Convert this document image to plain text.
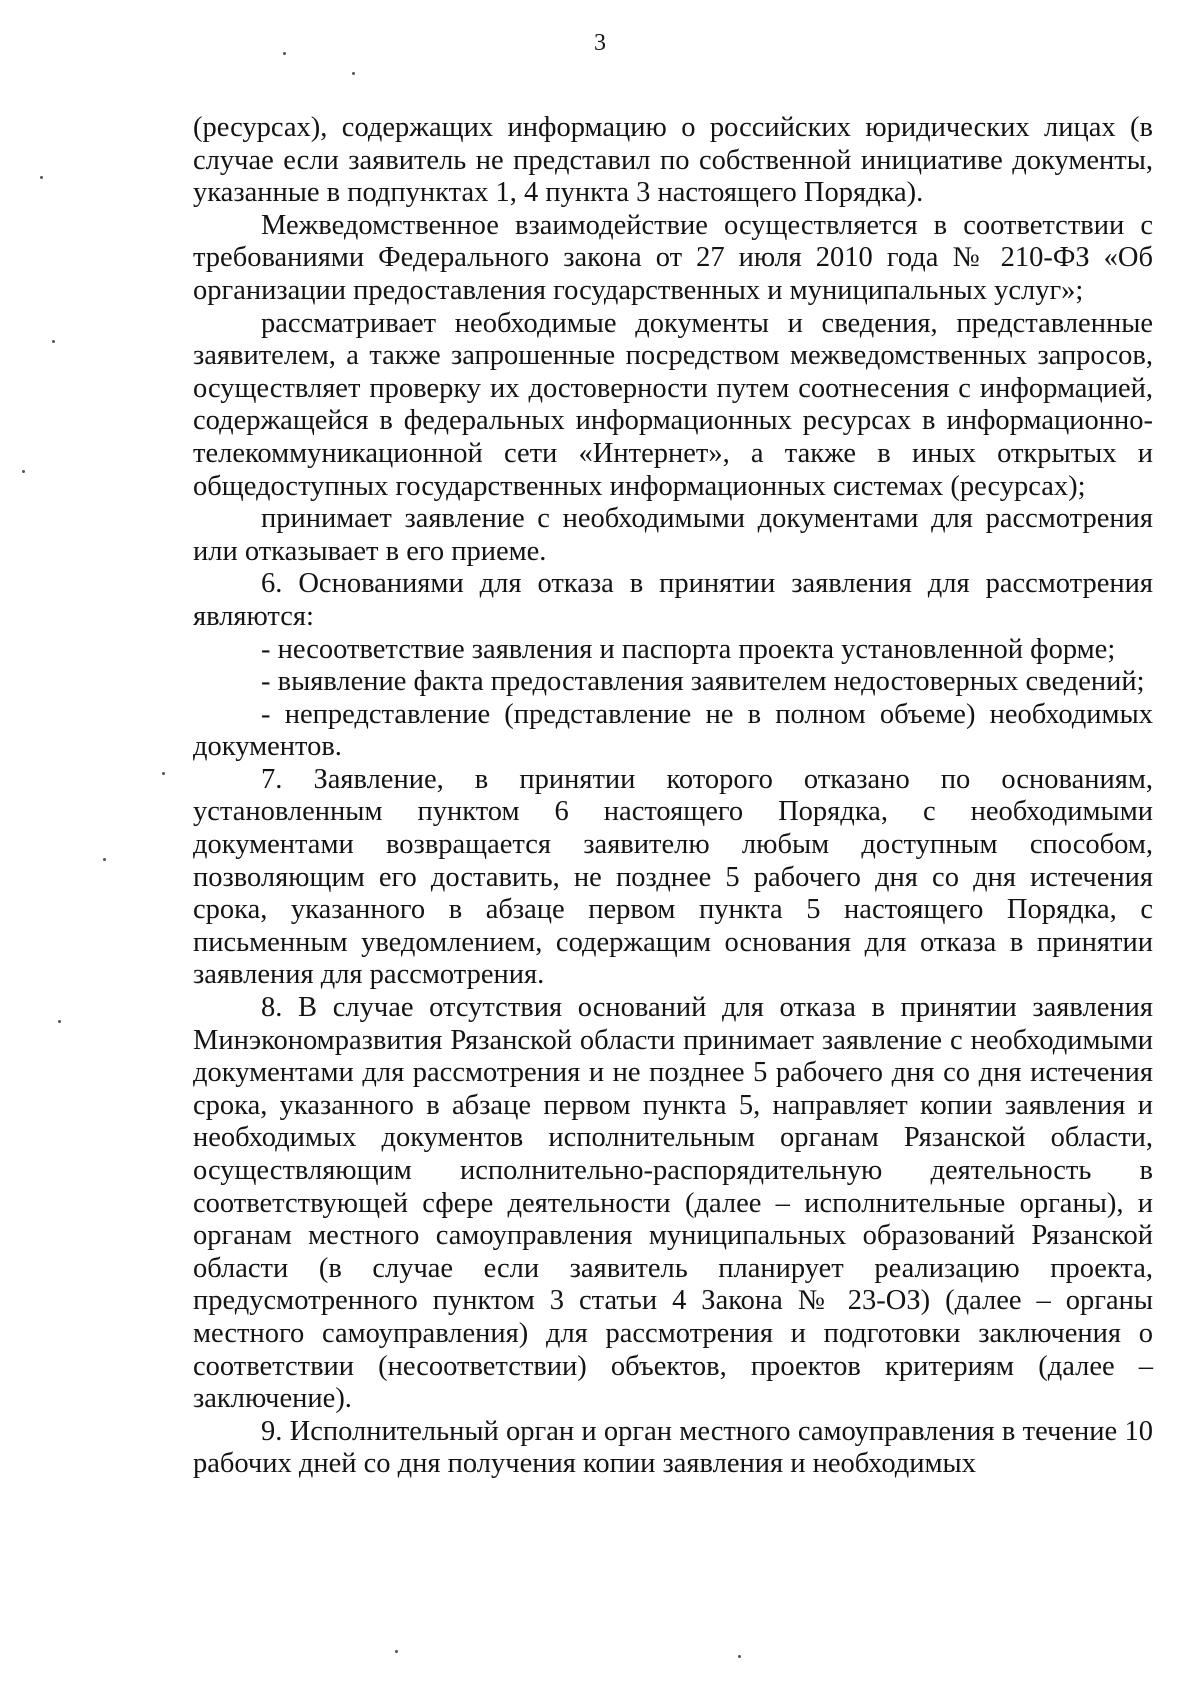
3

(ресурсах), содержащих информацию о российских юридических лицах (в случае если заявитель не представил по собственной инициативе документы, указанные в подпунктах 1, 4 пункта 3 настоящего Порядка).

Межведомственное взаимодействие осуществляется в соответствии с требованиями Федерального закона от 27 июля 2010 года № 210-ФЗ «Об организации предоставления государственных и муниципальных услуг»;

рассматривает необходимые документы и сведения, представленные заявителем, а также запрошенные посредством межведомственных запросов, осуществляет проверку их достоверности путем соотнесения с информацией, содержащейся в федеральных информационных ресурсах в информационно-телекоммуникационной сети «Интернет», а также в иных открытых и общедоступных государственных информационных системах (ресурсах);

принимает заявление с необходимыми документами для рассмотрения или отказывает в его приеме.

6. Основаниями для отказа в принятии заявления для рассмотрения являются:

- несоответствие заявления и паспорта проекта установленной форме;

- выявление факта предоставления заявителем недостоверных сведений;

- непредставление (представление не в полном объеме) необходимых документов.

7. Заявление, в принятии которого отказано по основаниям, установленным пунктом 6 настоящего Порядка, с необходимыми документами возвращается заявителю любым доступным способом, позволяющим его доставить, не позднее 5 рабочего дня со дня истечения срока, указанного в абзаце первом пункта 5 настоящего Порядка, с письменным уведомлением, содержащим основания для отказа в принятии заявления для рассмотрения.

8. В случае отсутствия оснований для отказа в принятии заявления Минэкономразвития Рязанской области принимает заявление с необходимыми документами для рассмотрения и не позднее 5 рабочего дня со дня истечения срока, указанного в абзаце первом пункта 5, направляет копии заявления и необходимых документов исполнительным органам Рязанской области, осуществляющим исполнительно-распорядительную деятельность в соответствующей сфере деятельности (далее – исполнительные органы), и органам местного самоуправления муниципальных образований Рязанской области (в случае если заявитель планирует реализацию проекта, предусмотренного пунктом 3 статьи 4 Закона № 23-ОЗ) (далее – органы местного самоуправления) для рассмотрения и подготовки заключения о соответствии (несоответствии) объектов, проектов критериям (далее – заключение).

9. Исполнительный орган и орган местного самоуправления в течение 10 рабочих дней со дня получения копии заявления и необходимых
